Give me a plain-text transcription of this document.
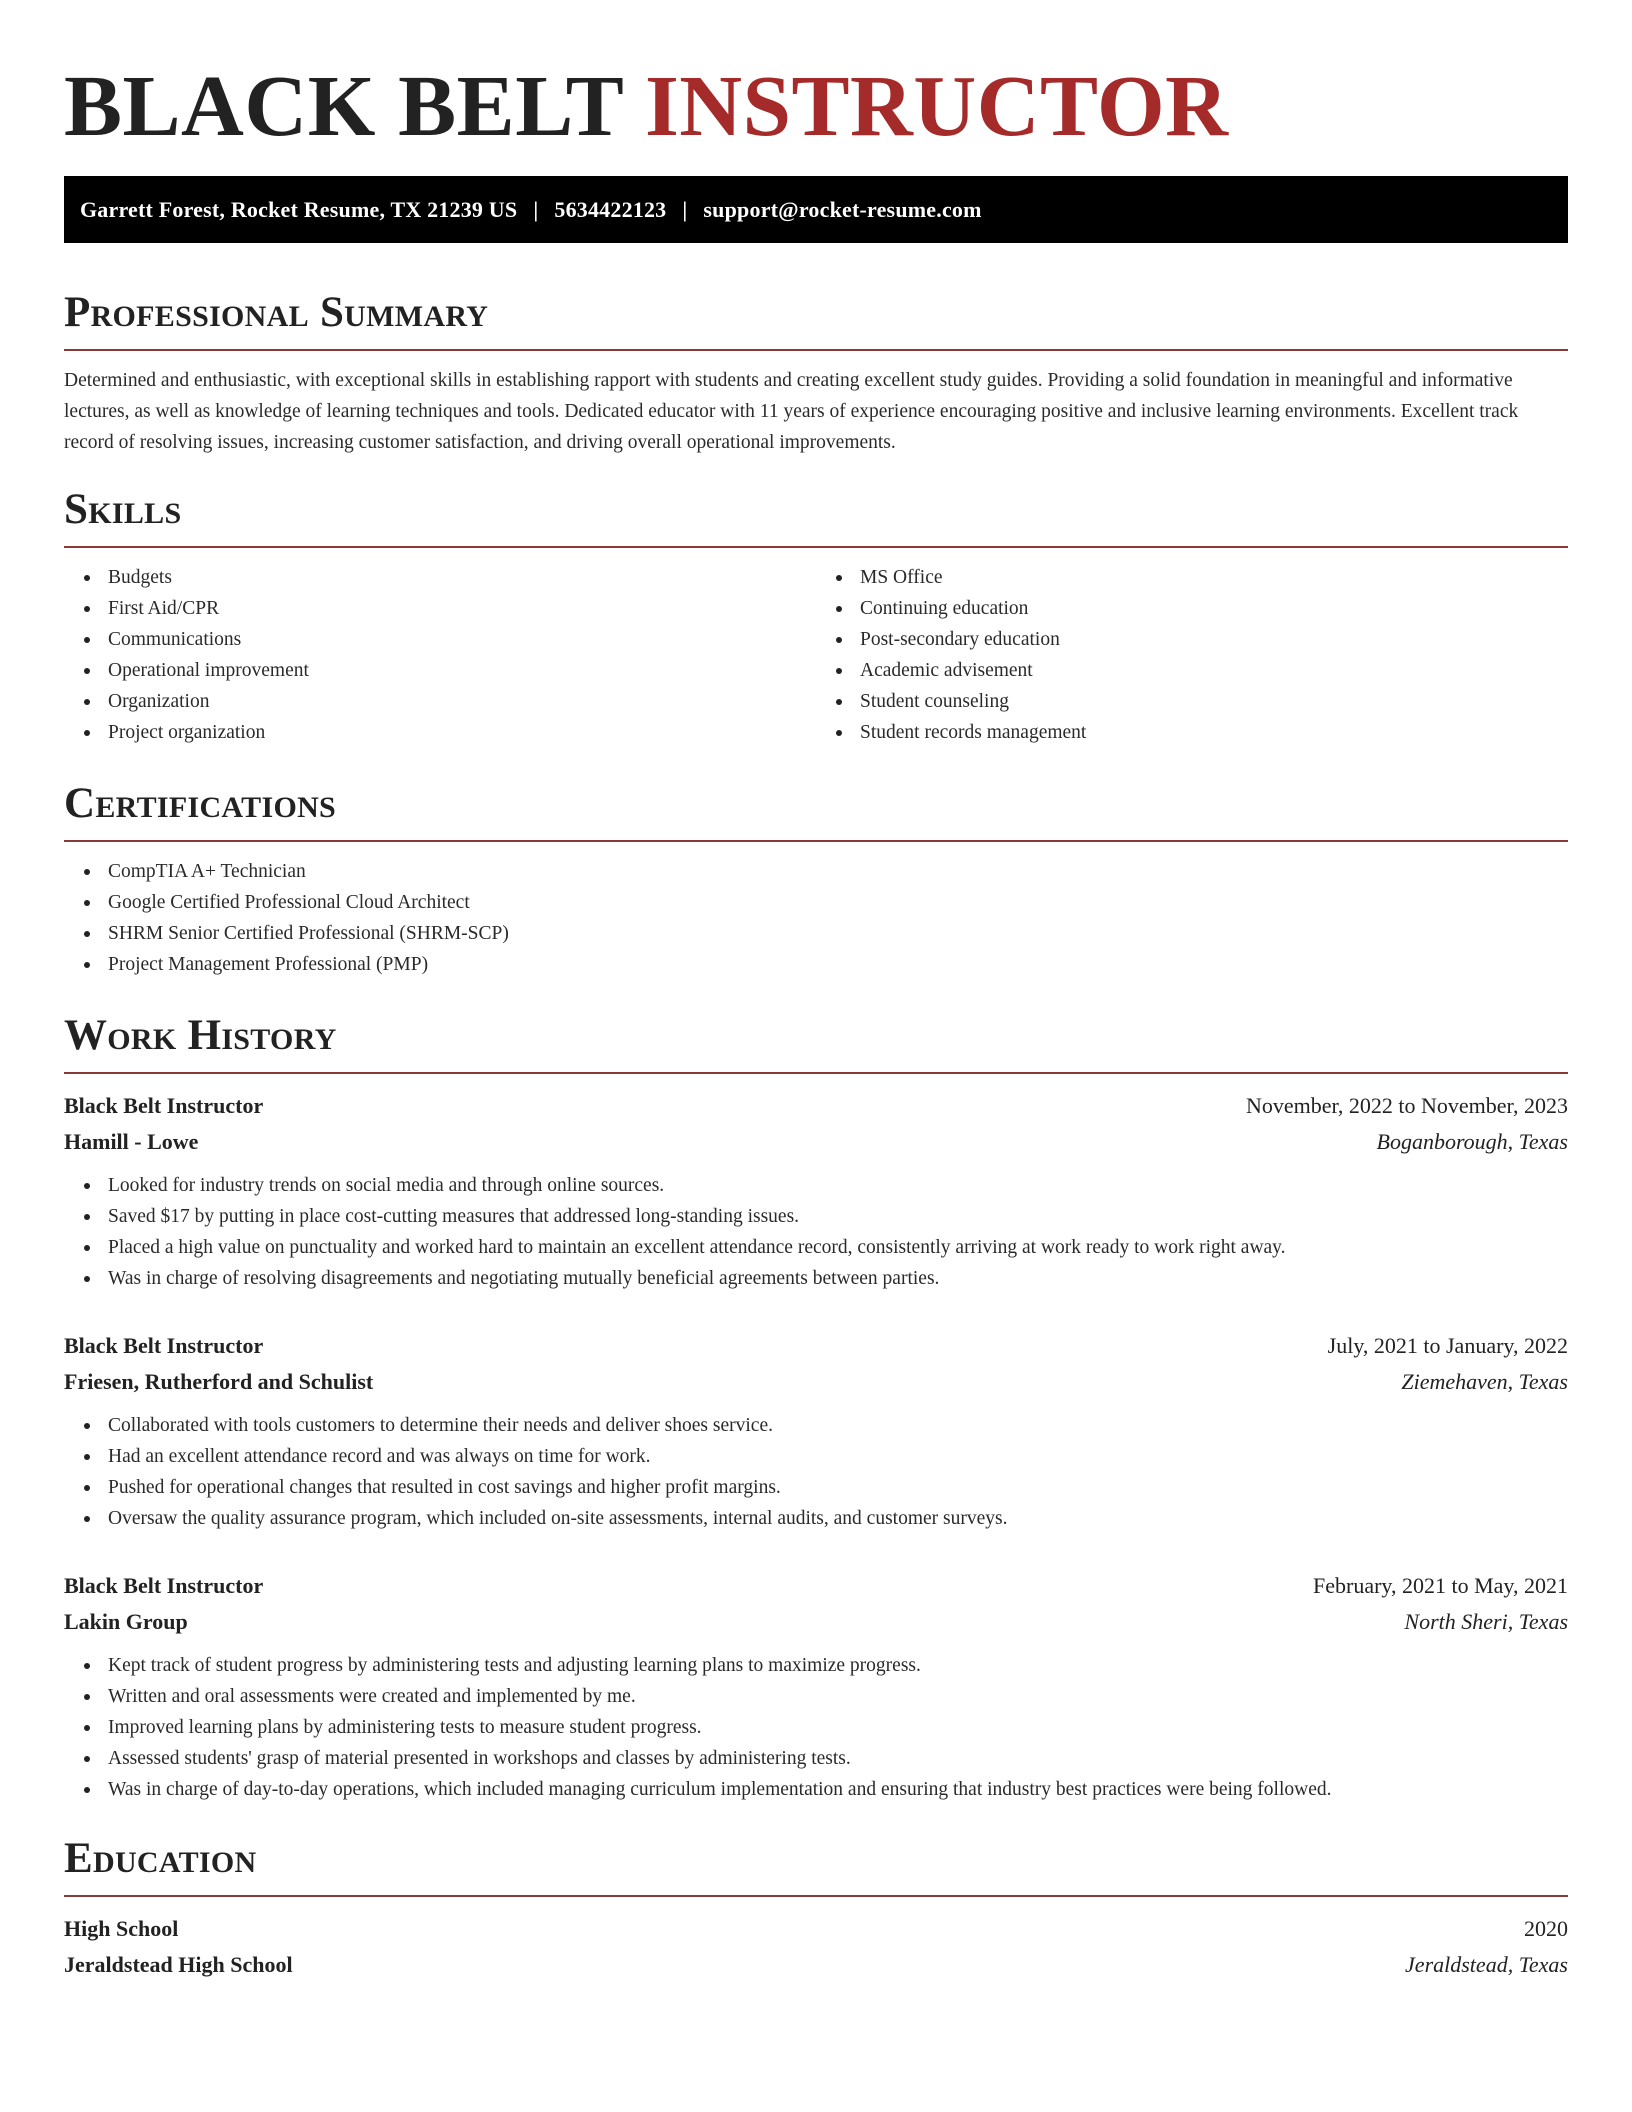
BLACK BELT INSTRUCTOR
Garrett Forest, Rocket Resume, TX 21239 US | 5634422123 | support@rocket-resume.com
Professional Summary

Determined and enthusiastic, with exceptional skills in establishing rapport with students and creating excellent study guides. Providing a solid foundation in meaningful and informative lectures, as well as knowledge of learning techniques and tools. Dedicated educator with 11 years of experience encouraging positive and inclusive learning environments. Excellent track record of resolving issues, increasing customer satisfaction, and driving overall operational improvements.

Skills
Budgets
First Aid/CPR
Communications
Operational improvement
Organization
Project organization
MS Office
Continuing education
Post-secondary education
Academic advisement
Student counseling
Student records management
Certifications
CompTIA A+ Technician
Google Certified Professional Cloud Architect
SHRM Senior Certified Professional (SHRM-SCP)
Project Management Professional (PMP)
Work History
Black Belt Instructor	November, 2022 to November, 2023
Hamill - Lowe	Boganborough, Texas
Looked for industry trends on social media and through online sources.
Saved $17 by putting in place cost-cutting measures that addressed long-standing issues.
Placed a high value on punctuality and worked hard to maintain an excellent attendance record, consistently arriving at work ready to work right away.
Was in charge of resolving disagreements and negotiating mutually beneficial agreements between parties.
Black Belt Instructor	July, 2021 to January, 2022
Friesen, Rutherford and Schulist	Ziemehaven, Texas
Collaborated with tools customers to determine their needs and deliver shoes service.
Had an excellent attendance record and was always on time for work.
Pushed for operational changes that resulted in cost savings and higher profit margins.
Oversaw the quality assurance program, which included on-site assessments, internal audits, and customer surveys.
Black Belt Instructor	February, 2021 to May, 2021
Lakin Group	North Sheri, Texas
Kept track of student progress by administering tests and adjusting learning plans to maximize progress.
Written and oral assessments were created and implemented by me.
Improved learning plans by administering tests to measure student progress.
Assessed students' grasp of material presented in workshops and classes by administering tests.
Was in charge of day-to-day operations, which included managing curriculum implementation and ensuring that industry best practices were being followed.
Education
High School	2020
Jeraldstead High School	Jeraldstead, Texas
